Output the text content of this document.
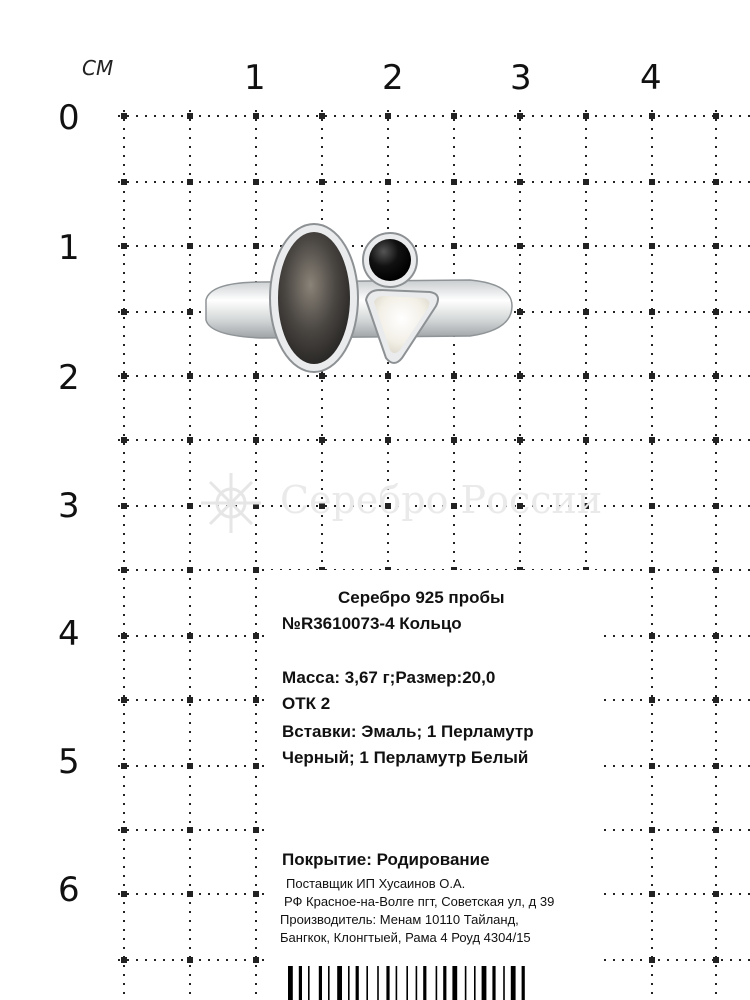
СМ	1	2	3	4
0
1
2
3
4
5
6
Серебро России
Серебро 925 пробы
№R3610073-4 Кольцо
Масса: 3,67 г;Размер:20,0
ОТК 2
Вставки: Эмаль; 1 Перламутр
Черный; 1 Перламутр Белый
Покрытие: Родирование
Поставщик ИП Хусаинов О.А.
РФ Красное-на-Волге пгт, Советская ул, д 39
Производитель: Менам 10110 Тайланд,
Бангкок, Клонгтыей, Рама 4 Роуд 4304/15
